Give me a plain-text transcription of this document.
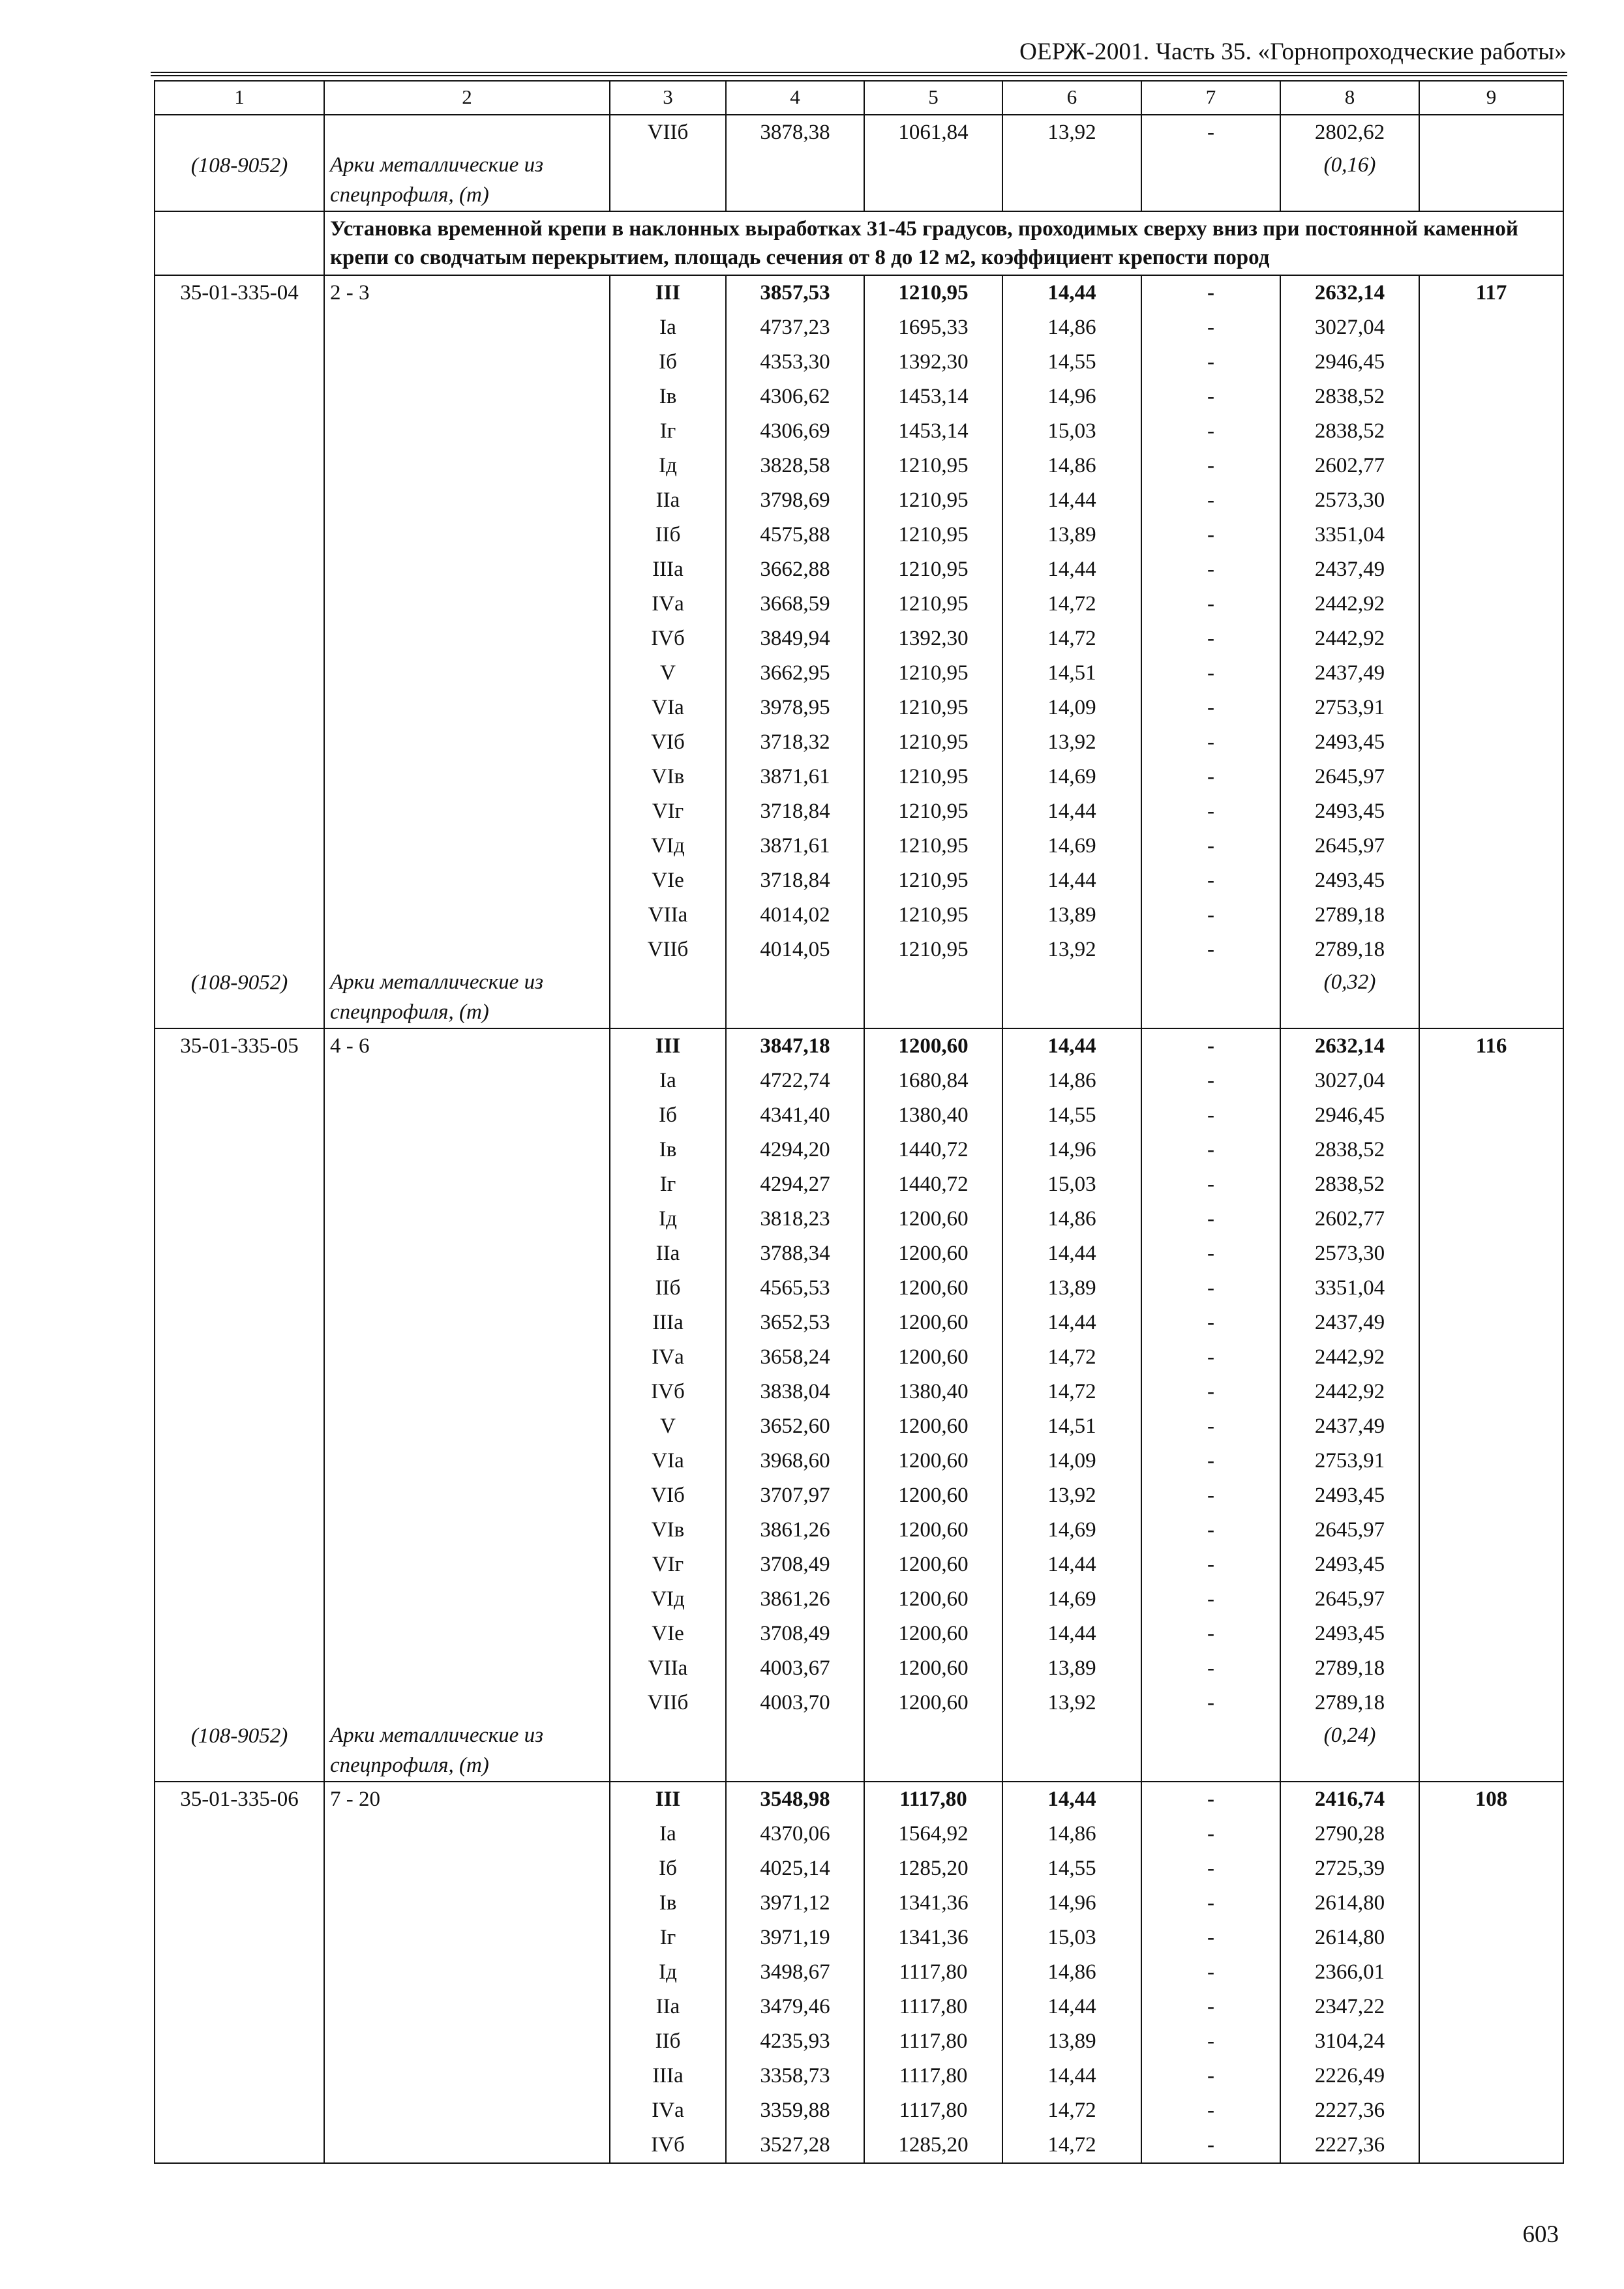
ОЕРЖ-2001. Часть 35. «Горнопроходческие работы»
1	2	3	4	5	6	7	8	9
		VIIб	3878,38	1061,84	13,92	-	2802,62	
(108-9052)	Арки металлические из спецпрофиля, (т)						(0,16)	
	Установка временной крепи в наклонных выработках 31-45 градусов, проходимых сверху вниз при постоянной каменной крепи со сводчатым перекрытием, площадь сечения от 8 до 12 м2, коэффициент крепости пород							
35-01-335-04	2 - 3	III	3857,53	1210,95	14,44	-	2632,14	117
		Iа	4737,23	1695,33	14,86	-	3027,04	
		Iб	4353,30	1392,30	14,55	-	2946,45	
		Iв	4306,62	1453,14	14,96	-	2838,52	
		Iг	4306,69	1453,14	15,03	-	2838,52	
		Iд	3828,58	1210,95	14,86	-	2602,77	
		IIа	3798,69	1210,95	14,44	-	2573,30	
		IIб	4575,88	1210,95	13,89	-	3351,04	
		IIIа	3662,88	1210,95	14,44	-	2437,49	
		IVа	3668,59	1210,95	14,72	-	2442,92	
		IVб	3849,94	1392,30	14,72	-	2442,92	
		V	3662,95	1210,95	14,51	-	2437,49	
		VIа	3978,95	1210,95	14,09	-	2753,91	
		VIб	3718,32	1210,95	13,92	-	2493,45	
		VIв	3871,61	1210,95	14,69	-	2645,97	
		VIг	3718,84	1210,95	14,44	-	2493,45	
		VIд	3871,61	1210,95	14,69	-	2645,97	
		VIе	3718,84	1210,95	14,44	-	2493,45	
		VIIа	4014,02	1210,95	13,89	-	2789,18	
		VIIб	4014,05	1210,95	13,92	-	2789,18	
(108-9052)	Арки металлические из спецпрофиля, (т)						(0,32)	
35-01-335-05	4 - 6	III	3847,18	1200,60	14,44	-	2632,14	116
		Iа	4722,74	1680,84	14,86	-	3027,04	
		Iб	4341,40	1380,40	14,55	-	2946,45	
		Iв	4294,20	1440,72	14,96	-	2838,52	
		Iг	4294,27	1440,72	15,03	-	2838,52	
		Iд	3818,23	1200,60	14,86	-	2602,77	
		IIа	3788,34	1200,60	14,44	-	2573,30	
		IIб	4565,53	1200,60	13,89	-	3351,04	
		IIIа	3652,53	1200,60	14,44	-	2437,49	
		IVа	3658,24	1200,60	14,72	-	2442,92	
		IVб	3838,04	1380,40	14,72	-	2442,92	
		V	3652,60	1200,60	14,51	-	2437,49	
		VIа	3968,60	1200,60	14,09	-	2753,91	
		VIб	3707,97	1200,60	13,92	-	2493,45	
		VIв	3861,26	1200,60	14,69	-	2645,97	
		VIг	3708,49	1200,60	14,44	-	2493,45	
		VIд	3861,26	1200,60	14,69	-	2645,97	
		VIе	3708,49	1200,60	14,44	-	2493,45	
		VIIа	4003,67	1200,60	13,89	-	2789,18	
		VIIб	4003,70	1200,60	13,92	-	2789,18	
(108-9052)	Арки металлические из спецпрофиля, (т)						(0,24)	
35-01-335-06	7 - 20	III	3548,98	1117,80	14,44	-	2416,74	108
		Iа	4370,06	1564,92	14,86	-	2790,28	
		Iб	4025,14	1285,20	14,55	-	2725,39	
		Iв	3971,12	1341,36	14,96	-	2614,80	
		Iг	3971,19	1341,36	15,03	-	2614,80	
		Iд	3498,67	1117,80	14,86	-	2366,01	
		IIа	3479,46	1117,80	14,44	-	2347,22	
		IIб	4235,93	1117,80	13,89	-	3104,24	
		IIIа	3358,73	1117,80	14,44	-	2226,49	
		IVа	3359,88	1117,80	14,72	-	2227,36	
		IVб	3527,28	1285,20	14,72	-	2227,36	
603
